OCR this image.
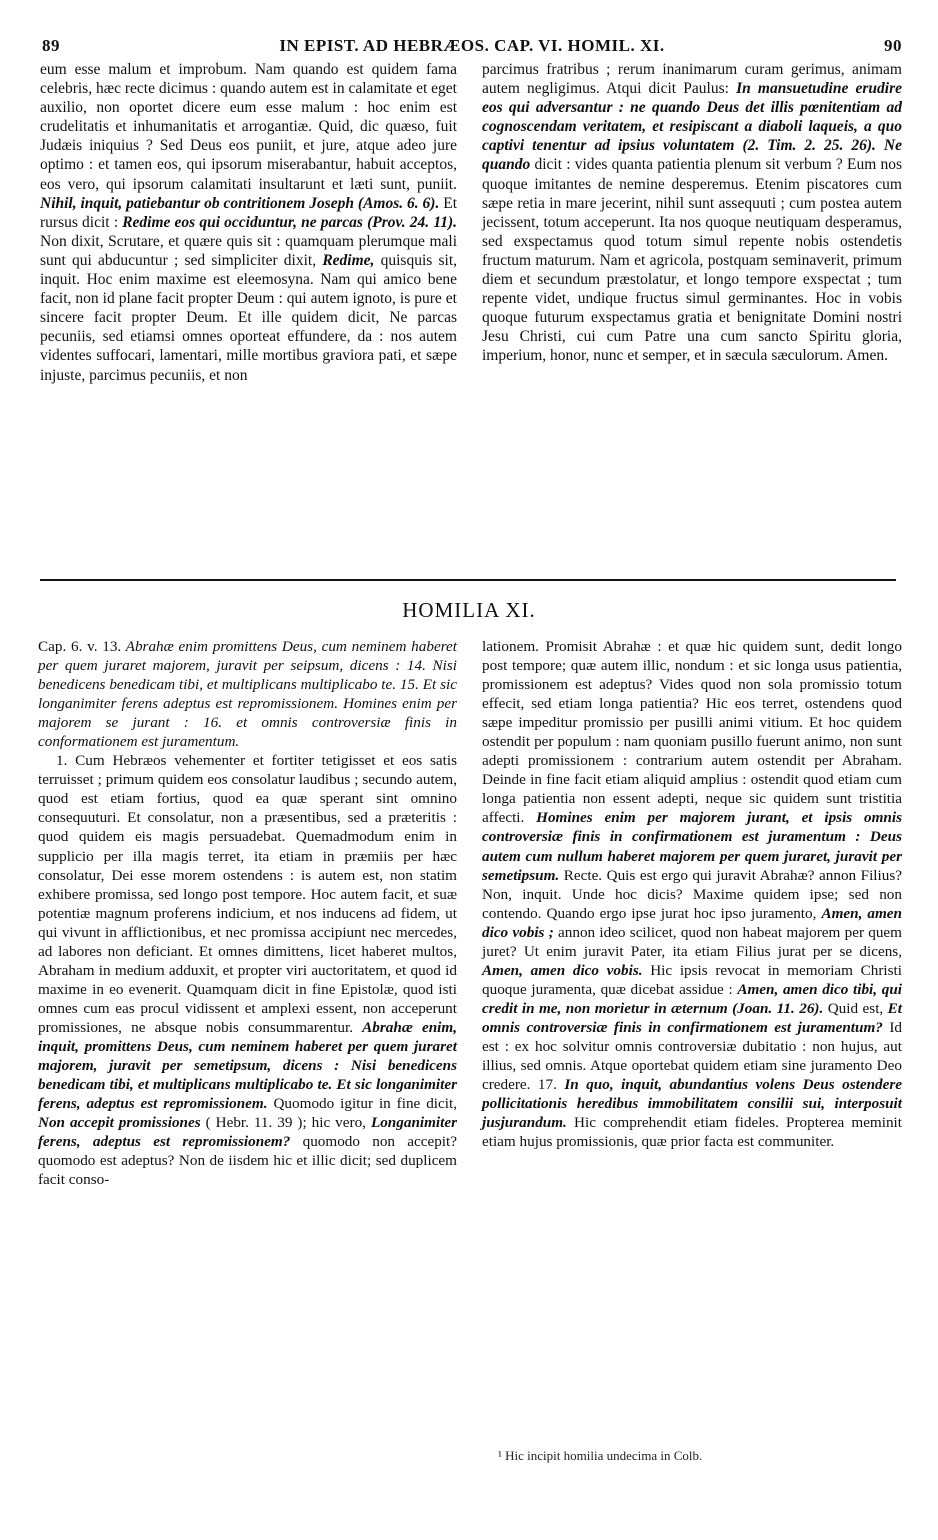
89	IN EPIST. AD HEBRÆOS. CAP. VI. HOMIL. XI.	90

eum esse malum et improbum. Nam quando est quidem fama celebris, hæc recte dicimus : quando autem est in calamitate et eget auxilio, non oportet dicere eum esse malum : hoc enim est crudelitatis et inhumanitatis et arrogantiæ. Quid, dic quæso, fuit Judæis iniquius ? Sed Deus eos puniit, et jure, atque adeo jure optimo : et tamen eos, qui ipsorum miserabantur, habuit acceptos, eos vero, qui ipsorum calamitati insultarunt et læti sunt, puniit. Nihil, inquit, patiebantur ob contritionem Joseph (Amos. 6. 6). Et rursus dicit : Redime eos qui occiduntur, ne parcas (Prov. 24. 11). Non dixit, Scrutare, et quære quis sit : quamquam plerumque mali sunt qui abducuntur ; sed simpliciter dixit, Redime, quisquis sit, inquit. Hoc enim maxime est eleemosyna. Nam qui amico bene facit, non id plane facit propter Deum : qui autem ignoto, is pure et sincere facit propter Deum. Et ille quidem dicit, Ne parcas pecuniis, sed etiamsi omnes oporteat effundere, da : nos autem videntes suffocari, lamentari, mille mortibus graviora pati, et sæpe injuste, parcimus pecuniis, et non

parcimus fratribus ; rerum inanimarum curam gerimus, animam autem negligimus. Atqui dicit Paulus: In mansuetudine erudire eos qui adversantur : ne quando Deus det illis pœnitentiam ad cognoscendam veritatem, et resipiscant a diaboli laqueis, a quo captivi tenentur ad ipsius voluntatem (2. Tim. 2. 25. 26). Ne quando dicit : vides quanta patientia plenum sit verbum ? Eum nos quoque imitantes de nemine desperemus. Etenim piscatores cum sæpe retia in mare jecerint, nihil sunt assequuti ; cum postea autem jecissent, totum acceperunt. Ita nos quoque neutiquam desperamus, sed exspectamus quod totum simul repente nobis ostendetis fructum maturum. Nam et agricola, postquam seminaverit, primum diem et secundum præstolatur, et longo tempore exspectat ; tum repente videt, undique fructus simul germinantes. Hoc in vobis quoque futurum exspectamus gratia et benignitate Domini nostri Jesu Christi, cui cum Patre una cum sancto Spiritu gloria, imperium, honor, nunc et semper, et in sæcula sæculorum. Amen.

HOMILIA XI.

Cap. 6. v. 13. Abrahæ enim promittens Deus, cum neminem haberet per quem juraret majorem, juravit per seipsum, dicens : 14. Nisi benedicens benedicam tibi, et multiplicans multiplicabo te. 15. Et sic longanimiter ferens adeptus est repromissionem. Homines enim per majorem se jurant : 16. et omnis controversiæ finis in conformationem est juramentum.

1. Cum Hebræos vehementer et fortiter tetigisset et eos satis terruisset ; primum quidem eos consolatur laudibus ; secundo autem, quod est etiam fortius, quod ea quæ sperant sint omnino consequuturi. Et consolatur, non a præsentibus, sed a præteritis : quod quidem eis magis persuadebat. Quemadmodum enim in supplicio per illa magis terret, ita etiam in præmiis per hæc consolatur, Dei esse morem ostendens : is autem est, non statim exhibere promissa, sed longo post tempore. Hoc autem facit, et suæ potentiæ magnum proferens indicium, et nos inducens ad fidem, ut qui vivunt in afflictionibus, et nec promissa accipiunt nec mercedes, ad labores non deficiant. Et omnes dimittens, licet haberet multos, Abraham in medium adduxit, et propter viri auctoritatem, et quod id maxime in eo evenerit. Quamquam dicit in fine Epistolæ, quod isti omnes cum eas procul vidissent et amplexi essent, non acceperunt promissiones, ne absque nobis consummarentur. Abrahæ enim, inquit, promittens Deus, cum neminem haberet per quem juraret majorem, juravit per semetipsum, dicens : Nisi benedicens benedicam tibi, et multiplicans multiplicabo te. Et sic longanimiter ferens, adeptus est repromissionem. Quomodo igitur in fine dicit, Non accepit promissiones ( Hebr. 11. 39 ); hic vero, Longanimiter ferens, adeptus est repromissionem? quomodo non accepit? quomodo est adeptus? Non de iisdem hic et illic dicit; sed duplicem facit conso-

lationem. Promisit Abrahæ : et quæ hic quidem sunt, dedit longo post tempore; quæ autem illic, nondum : et sic longa usus patientia, promissionem est adeptus? Vides quod non sola promissio totum effecit, sed etiam longa patientia? Hic eos terret, ostendens quod sæpe impeditur promissio per pusilli animi vitium. Et hoc quidem ostendit per populum : nam quoniam pusillo fuerunt animo, non sunt adepti promissionem : contrarium autem ostendit per Abraham. Deinde in fine facit etiam aliquid amplius : ostendit quod etiam cum longa patientia non essent adepti, neque sic quidem sunt tristitia affecti. Homines enim per majorem jurant, et ipsis omnis controversiæ finis in confirmationem est juramentum : Deus autem cum nullum haberet majorem per quem juraret, juravit per semetipsum. Recte. Quis est ergo qui juravit Abrahæ? annon Filius? Non, inquit. Unde hoc dicis? Maxime quidem ipse; sed non contendo. Quando ergo ipse jurat hoc ipso juramento, Amen, amen dico vobis ; annon ideo scilicet, quod non habeat majorem per quem juret? Ut enim juravit Pater, ita etiam Filius jurat per se dicens, Amen, amen dico vobis. Hic ipsis revocat in memoriam Christi quoque juramenta, quæ dicebat assidue : Amen, amen dico tibi, qui credit in me, non morietur in æternum (Joan. 11. 26). Quid est, Et omnis controversiæ finis in confirmationem est juramentum? Id est : ex hoc solvitur omnis controversiæ dubitatio : non hujus, aut illius, sed omnis. Atque oportebat quidem etiam sine juramento Deo credere. 17. In quo, inquit, abundantius volens Deus ostendere pollicitationis heredibus immobilitatem consilii sui, interposuit jusjurandum. Hic comprehendit etiam fideles. Propterea meminit etiam hujus promissionis, quæ prior facta est communiter.

¹ Hic incipit homilia undecima in Colb.
